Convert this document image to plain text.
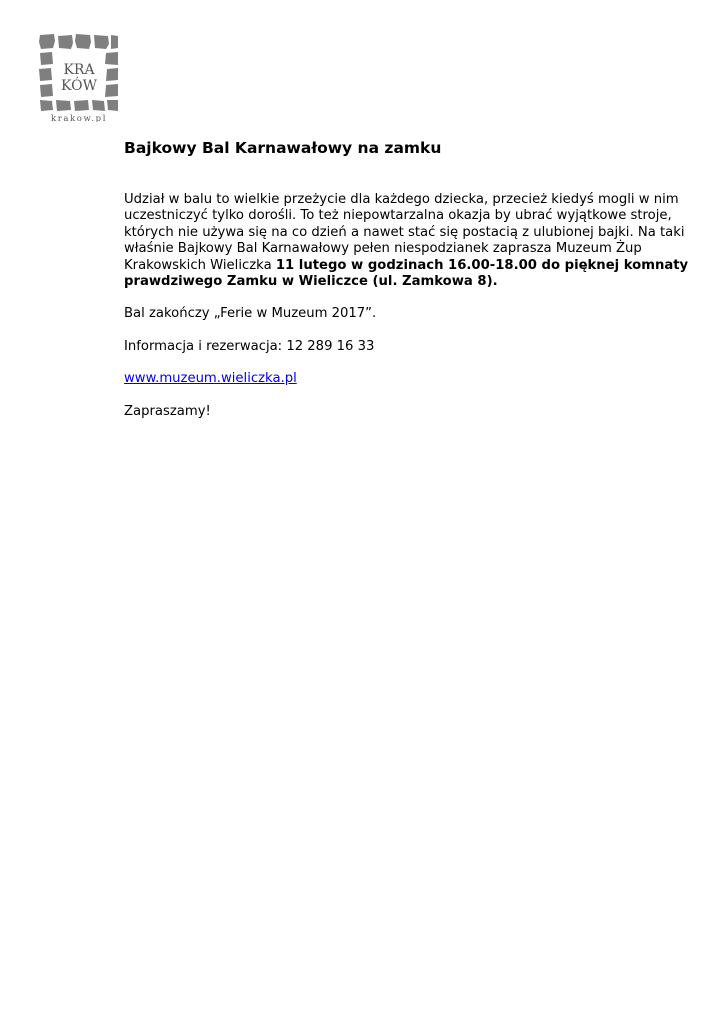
KRA
KÓW
krakow.pl
Bajkowy Bal Karnawałowy na zamku

Udział w balu to wielkie przeżycie dla każdego dziecka, przecież kiedyś mogli w nim
uczestniczyć tylko dorośli. To też niepowtarzalna okazja by ubrać wyjątkowe stroje,
których nie używa się na co dzień a nawet stać się postacią z ulubionej bajki. Na taki
właśnie Bajkowy Bal Karnawałowy pełen niespodzianek zaprasza Muzeum Żup
Krakowskich Wieliczka 11 lutego w godzinach 16.00-18.00 do pięknej komnaty
prawdziwego Zamku w Wieliczce (ul. Zamkowa 8).

Bal zakończy „Ferie w Muzeum 2017”.

Informacja i rezerwacja: 12 289 16 33

www.muzeum.wieliczka.pl

Zapraszamy!
